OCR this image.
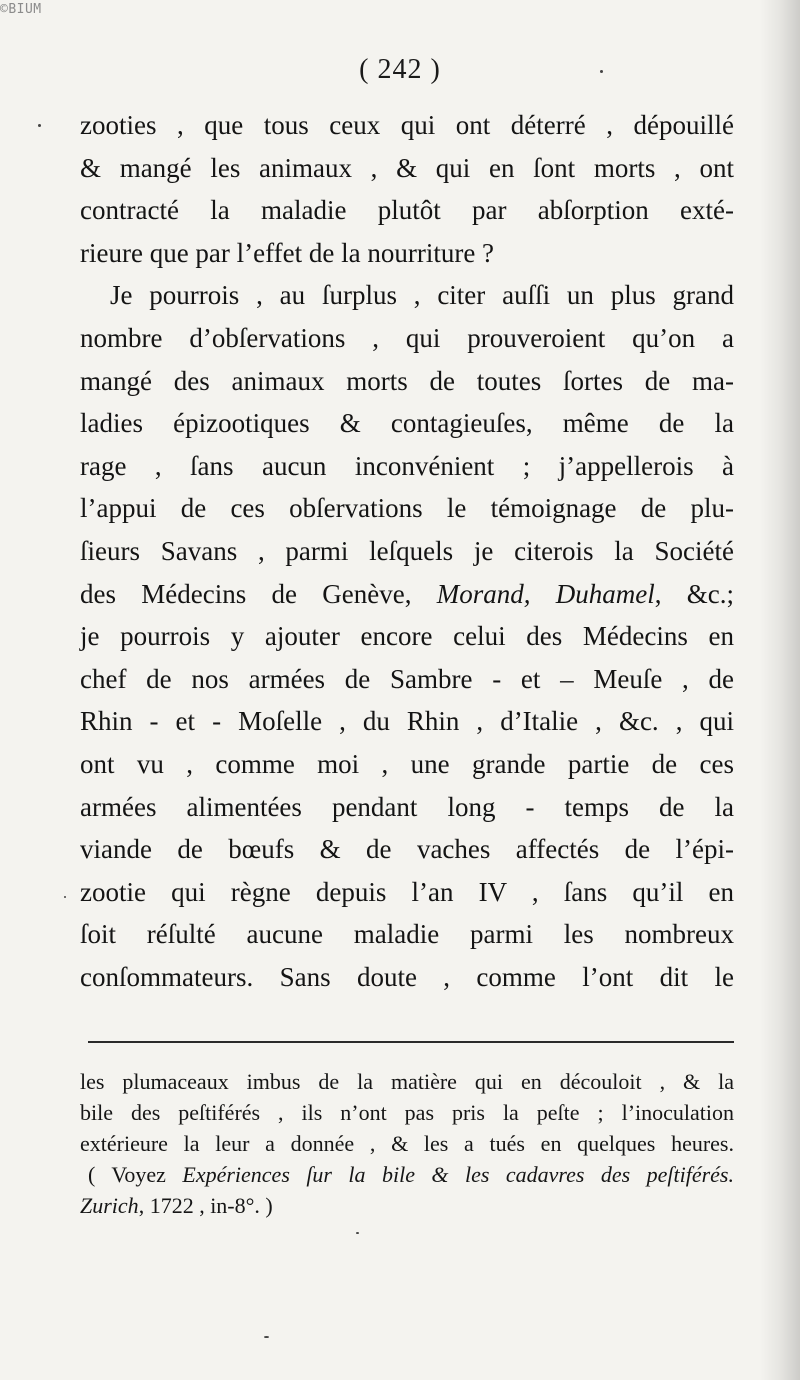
©BIUM
( 242 )
zooties , que tous ceux qui ont déterré , dépouillé
& mangé les animaux , & qui en ſont morts , ont
contracté la maladie plutôt par abſorption exté-
rieure que par l’effet de la nourriture ?
Je pourrois , au ſurplus , citer auſſi un plus grand
nombre d’obſervations , qui prouveroient qu’on a
mangé des animaux morts de toutes ſortes de ma-
ladies épizootiques & contagieuſes, même de la
rage , ſans aucun inconvénient ; j’appellerois à
l’appui de ces obſervations le témoignage de plu-
ſieurs Savans , parmi leſquels je citerois la Société
des Médecins de Genève, Morand, Duhamel, &c.;
je pourrois y ajouter encore celui des Médecins en
chef de nos armées de Sambre - et – Meuſe , de
Rhin - et - Moſelle , du Rhin , d’Italie , &c. , qui
ont vu , comme moi , une grande partie de ces
armées alimentées pendant long - temps de la
viande de bœufs & de vaches affectés de l’épi-
zootie qui règne depuis l’an IV , ſans qu’il en
ſoit réſulté aucune maladie parmi les nombreux
conſommateurs. Sans doute , comme l’ont dit le
les plumaceaux imbus de la matière qui en découloit , & la
bile des peſtiférés , ils n’ont pas pris la peſte ; l’inoculation
extérieure la leur a donnée , & les a tués en quelques heures.
( Voyez Expériences ſur la bile & les cadavres des peſtiférés.
Zurich, 1722 , in-8°. )
